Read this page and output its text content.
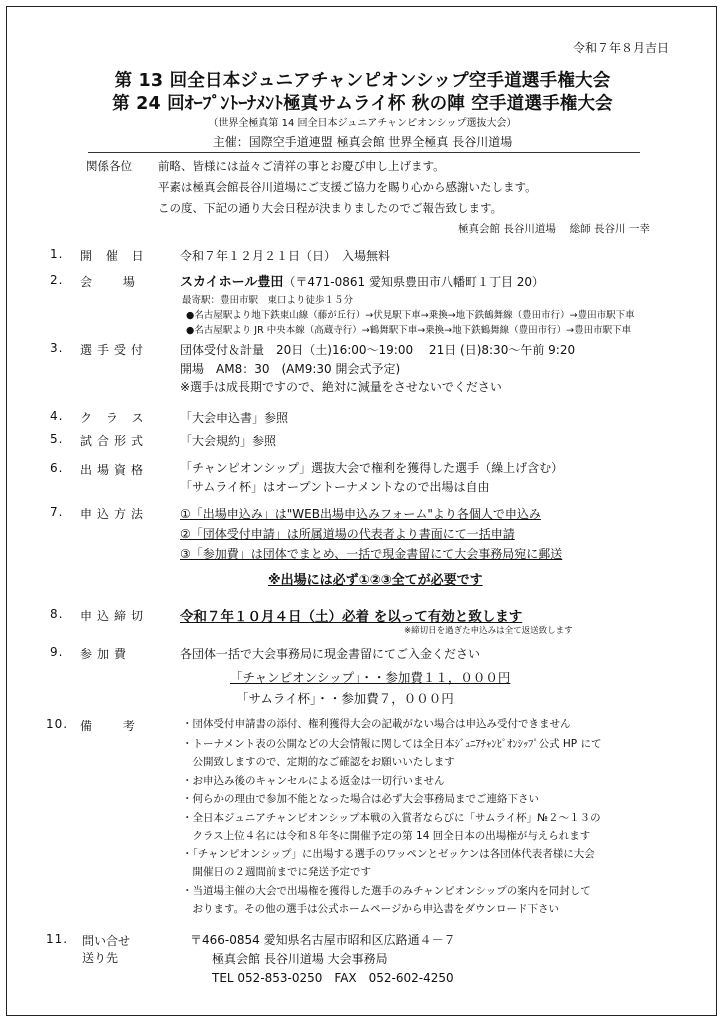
令和７年８月吉日
第 13 回全日本ジュニアチャンピオンシップ空手道選手権大会
第 24 回ｵｰﾌﾟﾝﾄｰﾅﾒﾝﾄ極真サムライ杯 秋の陣 空手道選手権大会
（世界全極真第 14 回全日本ジュニアチャンピオンシップ選抜大会）
主催：国際空手道連盟 極真会館 世界全極真 長谷川道場
関係各位 前略、皆様には益々ご清祥の事とお慶び申し上げます。
平素は極真会館長谷川道場にご支援ご協力を賜り心から感謝いたします。
この度、下記の通り大会日程が決まりましたのでご報告致します。
極真会館 長谷川道場　 総師 長谷川 一幸
1. 開 催 日	令和７年１２月２１日（日）　入場無料
2. 会　 場	スカイホール豊田（〒471-0861 愛知県豊田市八幡町１丁目 20）
最寄駅：豊田市駅　東口より徒歩１５分
●名古屋駅より地下鉄東山線（藤が丘行）→伏見駅下車→乗換→地下鉄鶴舞線（豊田市行）→豊田市駅下車
●名古屋駅より JR 中央本線（高蔵寺行）→鶴舞駅下車→乗換→地下鉄鶴舞線（豊田市行）→豊田市駅下車
3. 選手受付	団体受付＆計量　20日（土)16:00～19:00　 21日 (日)8:30～午前 9:20
開場　AM8：30　(AM9:30 開会式予定)
※選手は成長期ですので、絶対に減量をさせないでください
4. ク ラ ス	「大会申込書」参照
5. 試合形式	「大会規約」参照
6. 出場資格	「チャンピオンシップ」選抜大会で権利を獲得した選手（繰上げ含む）
「サムライ杯」はオープントーナメントなので出場は自由
7. 申込方法	①「出場申込み」は"WEB出場申込みフォーム"より各個人で申込み
②「団体受付申請」は所属道場の代表者より書面にて一括申請
③「参加費」は団体でまとめ、一括で現金書留にて大会事務局宛に郵送
※出場には必ず①②③全てが必要です
8. 申込締切 令和７年１０月４日（土）必着 を以って有効と致します
※締切日を過ぎた申込みは全て返送致します
9. 参加費	各団体一括で大会事務局に現金書留にてご入金ください
「チャンピオンシップ」・・参加費１１，０００円
「サムライ杯」・・参加費７，０００円
10. 備　 考	・団体受付申請書の添付、権利獲得大会の記載がない場合は申込み受付できません
・トーナメント表の公開などの大会情報に関しては全日本ｼﾞｭﾆｱﾁｬﾝﾋﾟｵﾝｼｯﾌﾟ公式 HP にて
　公開致しますので、定期的なご確認をお願いいたします
・お申込み後のキャンセルによる返金は一切行いません
・何らかの理由で参加不能となった場合は必ず大会事務局までご連絡下さい
・全日本ジュニアチャンピオンシップ本戦の入賞者ならびに「サムライ杯」№２～１３の
　クラス上位４名には令和８年冬に開催予定の第 14 回全日本の出場権が与えられます
・「チャンピオンシップ」に出場する選手のワッペンとゼッケンは各団体代表者様に大会
　開催日の２週間前までに発送予定です
・当道場主催の大会で出場権を獲得した選手のみチャンピオンシップの案内を同封して
　おります。その他の選手は公式ホームページから申込書をダウンロード下さい
11. 問い合せ
送り先
〒466-0854 愛知県名古屋市昭和区広路通４－７
極真会館 長谷川道場 大会事務局
TEL 052-853-0250　FAX　052-602-4250
